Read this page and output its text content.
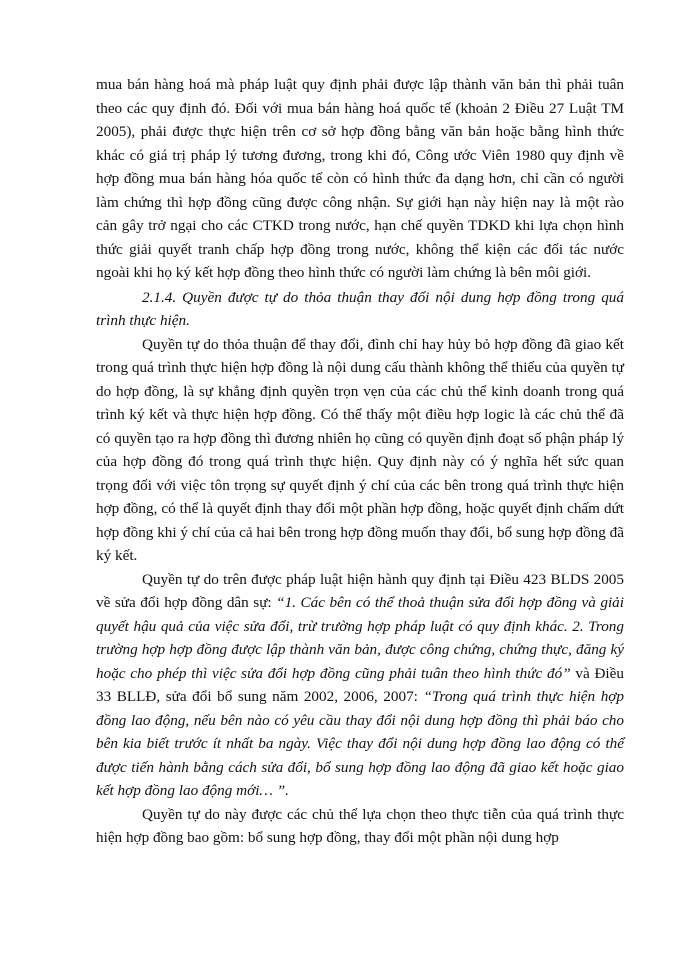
mua bán hàng hoá mà pháp luật quy định phải được lập thành văn bản thì phải tuân theo các quy định đó. Đối với mua bán hàng hoá quốc tế (khoản 2 Điều 27 Luật TM 2005), phải được thực hiện trên cơ sở hợp đồng bằng văn bản hoặc bằng hình thức khác có giá trị pháp lý tương đương, trong khi đó, Công ước Viên 1980 quy định về hợp đồng mua bán hàng hóa quốc tế còn có hình thức đa dạng hơn, chỉ cần có người làm chứng thì hợp đồng cũng được công nhận. Sự giới hạn này hiện nay là một rào cản gây trở ngại cho các CTKD trong nước, hạn chế quyền TDKD khi lựa chọn hình thức giải quyết tranh chấp hợp đồng trong nước, không thể kiện các đối tác nước ngoài khi họ ký kết hợp đồng theo hình thức có người làm chứng là bên môi giới.

2.1.4. Quyền được tự do thỏa thuận thay đổi nội dung hợp đồng trong quá trình thực hiện.

Quyền tự do thỏa thuận để thay đổi, đình chỉ hay hủy bỏ hợp đồng đã giao kết trong quá trình thực hiện hợp đồng là nội dung cấu thành không thể thiếu của quyền tự do hợp đồng, là sự khẳng định quyền trọn vẹn của các chủ thể kinh doanh trong quá trình ký kết và thực hiện hợp đồng. Có thể thấy một điều hợp logic là các chủ thể đã có quyền tạo ra hợp đồng thì đương nhiên họ cũng có quyền định đoạt số phận pháp lý của hợp đồng đó trong quá trình thực hiện. Quy định này có ý nghĩa hết sức quan trọng đối với việc tôn trọng sự quyết định ý chí của các bên trong quá trình thực hiện hợp đồng, có thể là quyết định thay đổi một phần hợp đồng, hoặc quyết định chấm dứt hợp đồng khi ý chí của cả hai bên trong hợp đồng muốn thay đổi, bổ sung hợp đồng đã ký kết.

Quyền tự do trên được pháp luật hiện hành quy định tại Điều 423 BLDS 2005 về sửa đổi hợp đồng dân sự: “1. Các bên có thể thoả thuận sửa đổi hợp đồng và giải quyết hậu quả của việc sửa đổi, trừ trường hợp pháp luật có quy định khác. 2. Trong trường hợp hợp đồng được lập thành văn bản, được công chứng, chứng thực, đăng ký hoặc cho phép thì việc sửa đổi hợp đồng cũng phải tuân theo hình thức đó” và Điều 33 BLLĐ, sửa đổi bổ sung năm 2002, 2006, 2007: “Trong quá trình thực hiện hợp đồng lao động, nếu bên nào có yêu cầu thay đổi nội dung hợp đồng thì phải báo cho bên kia biết trước ít nhất ba ngày. Việc thay đổi nội dung hợp đồng lao động có thể được tiến hành bằng cách sửa đổi, bổ sung hợp đồng lao động đã giao kết hoặc giao kết hợp đồng lao động mới… ”.

Quyền tự do này được các chủ thể lựa chọn theo thực tiễn của quá trình thực hiện hợp đồng bao gồm: bổ sung hợp đồng, thay đổi một phần nội dung hợp
